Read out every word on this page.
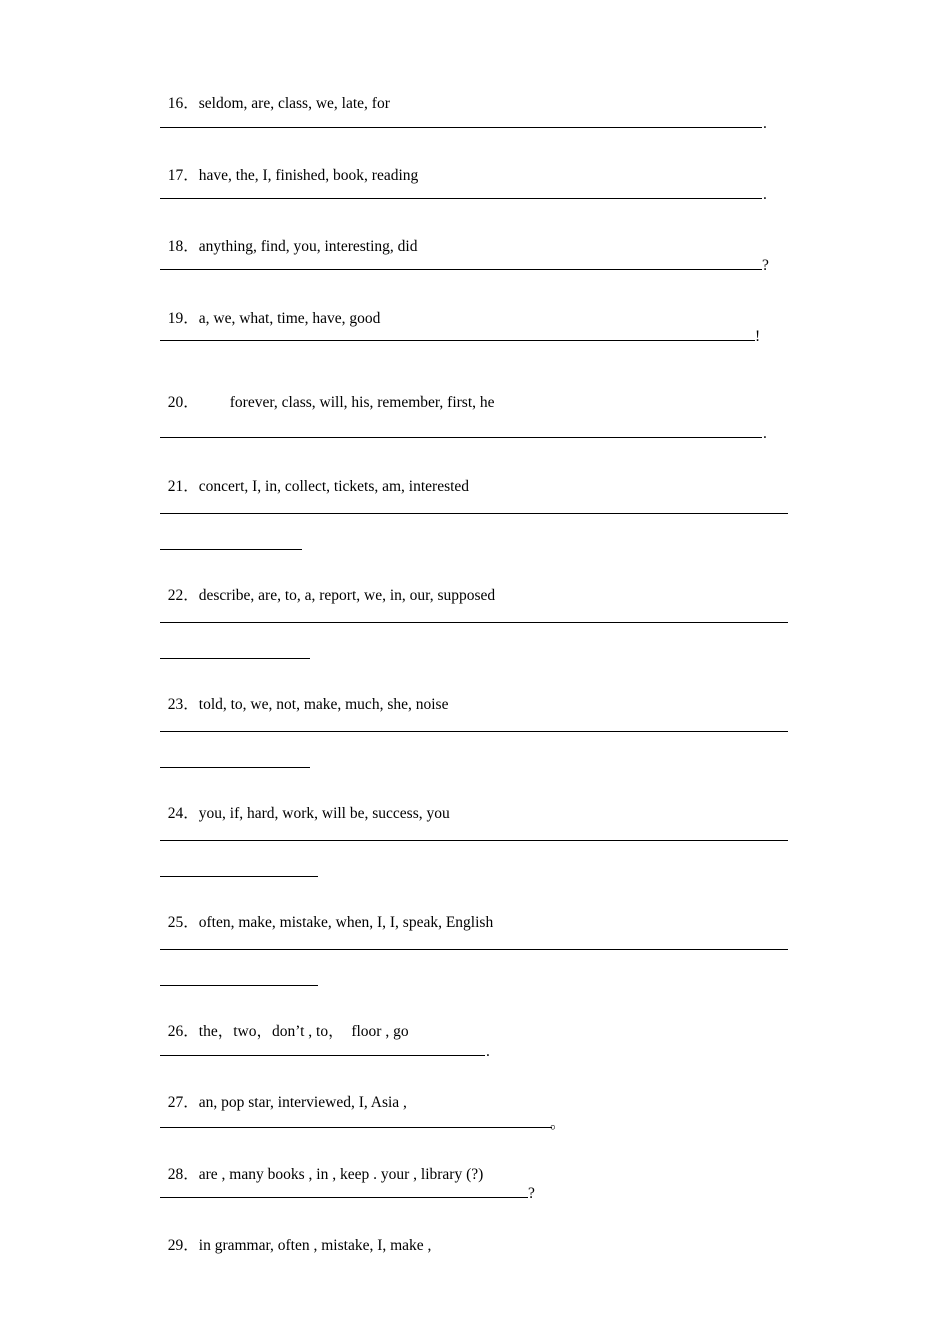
16．seldom, are, class, we, late, for

.

17．have, the, I, finished, book, reading

.

18．anything, find, you, interesting, did

?

19．a, we, what, time, have, good

!

20． forever, class, will, his, remember, first, he

.

21．concert, I, in, collect, tickets, am, interested

22．describe, are, to, a, report, we, in, our, supposed

23．told, to, we, not, make, much, she, noise

24．you, if, hard, work, will be, success, you

25．often, make, mistake, when, I, I, speak, English

26．the，two，don’t , to，  floor , go

.

27．an, pop star, interviewed, I, Asia ,

。

28．are , many books , in , keep . your , library (?)

?

29．in grammar, often , mistake, I, make ,
